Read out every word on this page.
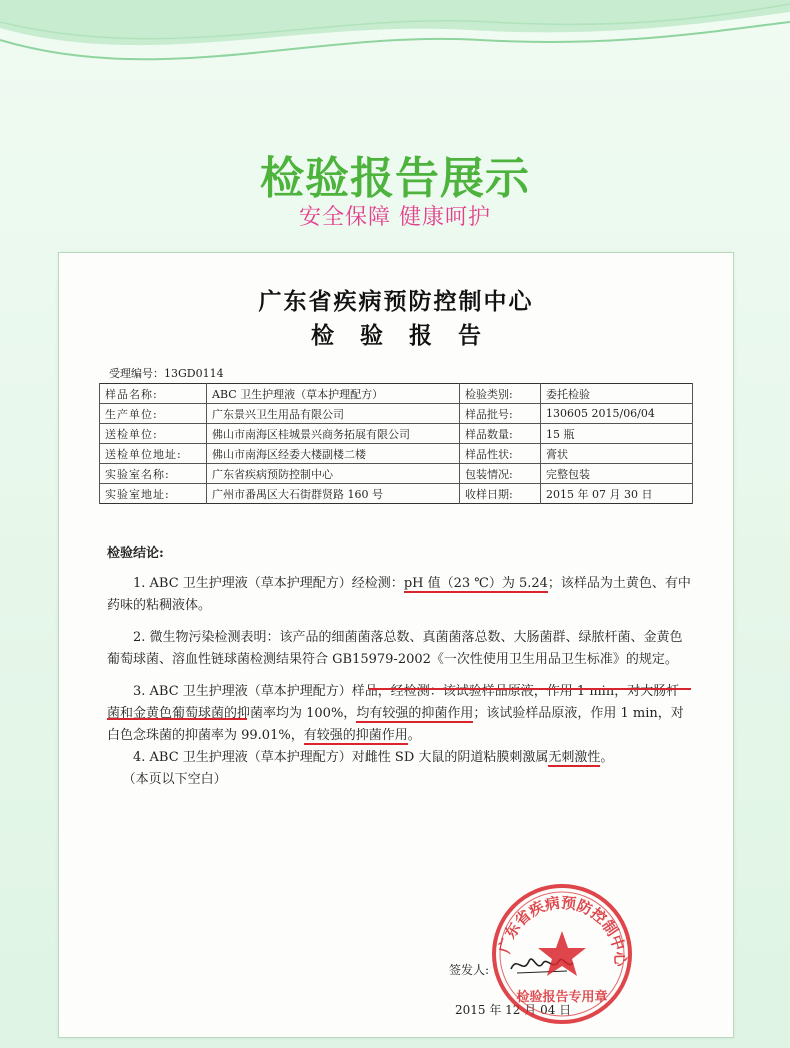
检验报告展示
安全保障 健康呵护
广东省疾病预防控制中心
检验报告
受理编号：13GD0114
样品名称:	ABC 卫生护理液（草本护理配方）	检验类别:	委托检验
生产单位:	广东景兴卫生用品有限公司	样品批号:	130605 2015/06/04
送检单位:	佛山市南海区桂城景兴商务拓展有限公司	样品数量:	15 瓶
送检单位地址:	佛山市南海区经委大楼副楼二楼	样品性状:	膏状
实验室名称:	广东省疾病预防控制中心	包装情况:	完整包装
实验室地址:	广州市番禺区大石街群贤路 160 号	收样日期:	2015 年 07 月 30 日
检验结论:

1. ABC 卫生护理液（草本护理配方）经检测：pH 值（23 ℃）为 5.24；该样品为土黄色、有中药味的粘稠液体。

2. 微生物污染检测表明：该产品的细菌菌落总数、真菌菌落总数、大肠菌群、绿脓杆菌、金黄色葡萄球菌、溶血性链球菌检测结果符合 GB15979-2002《一次性使用卫生用品卫生标准》的规定。

3. ABC 卫生护理液（草本护理配方）样品，经检测：该试验样品原液，作用 1 min，对大肠杆菌和金黄色葡萄球菌的抑菌率均为 100%，均有较强的抑菌作用；该试验样品原液，作用 1 min，对白色念珠菌的抑菌率为 99.01%，有较强的抑菌作用。

4. ABC 卫生护理液（草本护理配方）对雌性 SD 大鼠的阴道粘膜刺激属无刺激性。

（本页以下空白）
签发人:
2015 年 12 月 04 日
广东省疾病预防控制中心
检验报告专用章
